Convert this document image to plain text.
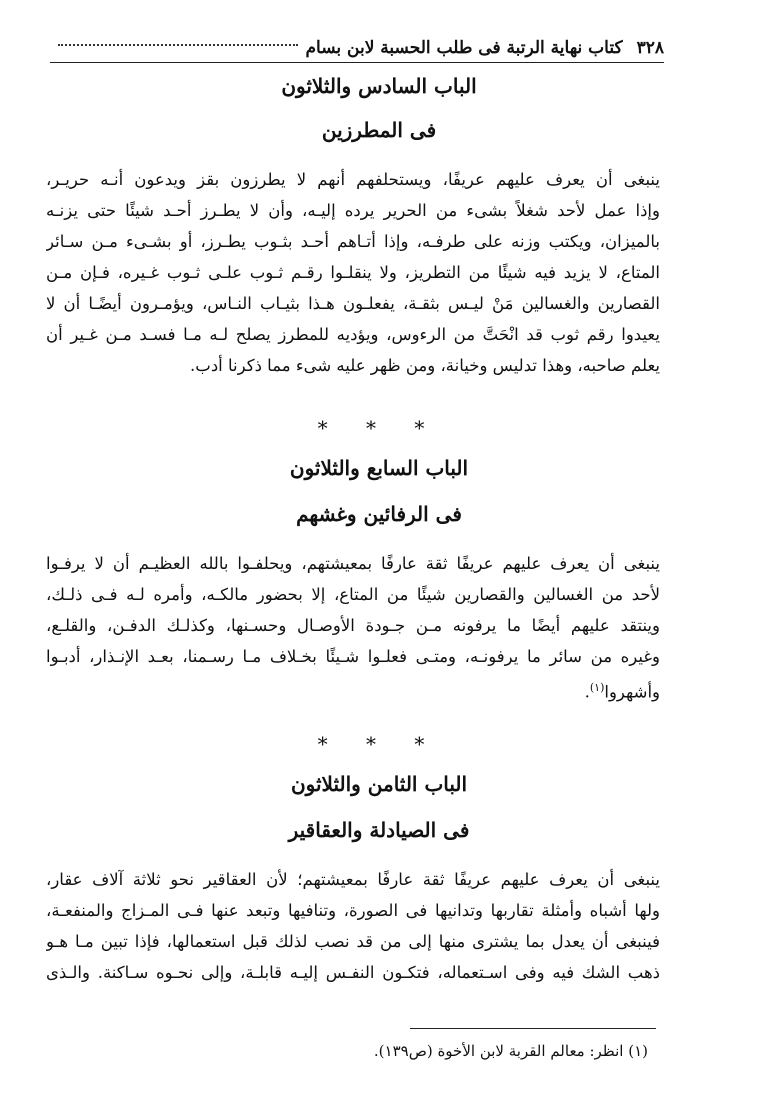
٣٢٨
كتاب نهاية الرتبة فى طلب الحسبة لابن بسام
الباب السادس والثلاثون
فى المطرزين
ينبغى أن يعرف عليهم عريفًا، ويستحلفهم أنهم لا يطرزون بقز ويدعون أنـه حريـر،
وإذا عمل لأحد شغلاً بشىء من الحرير يرده إليـه، وأن لا يطـرز أحـد شيئًا حتى يزنـه
بالميزان، ويكتب وزنه على طرفـه، وإذا أتـاهم أحـد بثـوب يطـرز، أو بشـىء مـن سـائر
المتاع، لا يزيد فيه شيئًا من التطريز، ولا ينقلـوا رقـم ثـوب علـى ثـوب غـيره، فـإن مـن
القصارين والغسالين مَنْ ليـس بثقـة، يفعلـون هـذا بثيـاب النـاس، ويؤمـرون أيضًـا أن لا
يعيدوا رقم ثوب قد انْحَتَّ من الرءوس، ويؤديه للمطرز يصلح لـه مـا فسـد مـن غـير أن
يعلم صاحبه، وهذا تدليس وخيانة، ومن ظهر عليه شىء مما ذكرنا أدب.
* * *
الباب السابع والثلاثون
فى الرفائين وغشهم
ينبغى أن يعرف عليهم عريفًا ثقة عارفًا بمعيشتهم، ويحلفـوا بالله العظيـم أن لا يرفـوا
لأحد من الغسالين والقصارين شيئًا من المتاع، إلا بحضور مالكـه، وأمره لـه فـى ذلـك،
وينتقد عليهم أيضًا ما يرفونه مـن جـودة الأوصـال وحسـنها، وكذلـك الدفـن، والقلـع،
وغيره من سائر ما يرفونـه، ومتـى فعلـوا شـيئًا بخـلاف مـا رسـمنا، بعـد الإنـذار، أدبـوا
وأشهروا$^{(١)}$.
* * *
الباب الثامن والثلاثون
فى الصيادلة والعقاقير
ينبغى أن يعرف عليهم عريفًا ثقة عارفًا بمعيشتهم؛ لأن العقاقير نحو ثلاثة آلاف عقار،
ولها أشباه وأمثلة تقاربها وتدانيها فى الصورة، وتنافيها وتبعد عنها فـى المـزاج والمنفعـة،
فينبغى أن يعدل بما يشترى منها إلى من قد نصب لذلك قبل استعمالها، فإذا تبين مـا هـو
ذهب الشك فيه وفى اسـتعماله، فتكـون النفـس إليـه قابلـة، وإلى نحـوه سـاكنة. والـذى
(١) انظر: معالم القربة لابن الأخوة (ص١٣٩).
